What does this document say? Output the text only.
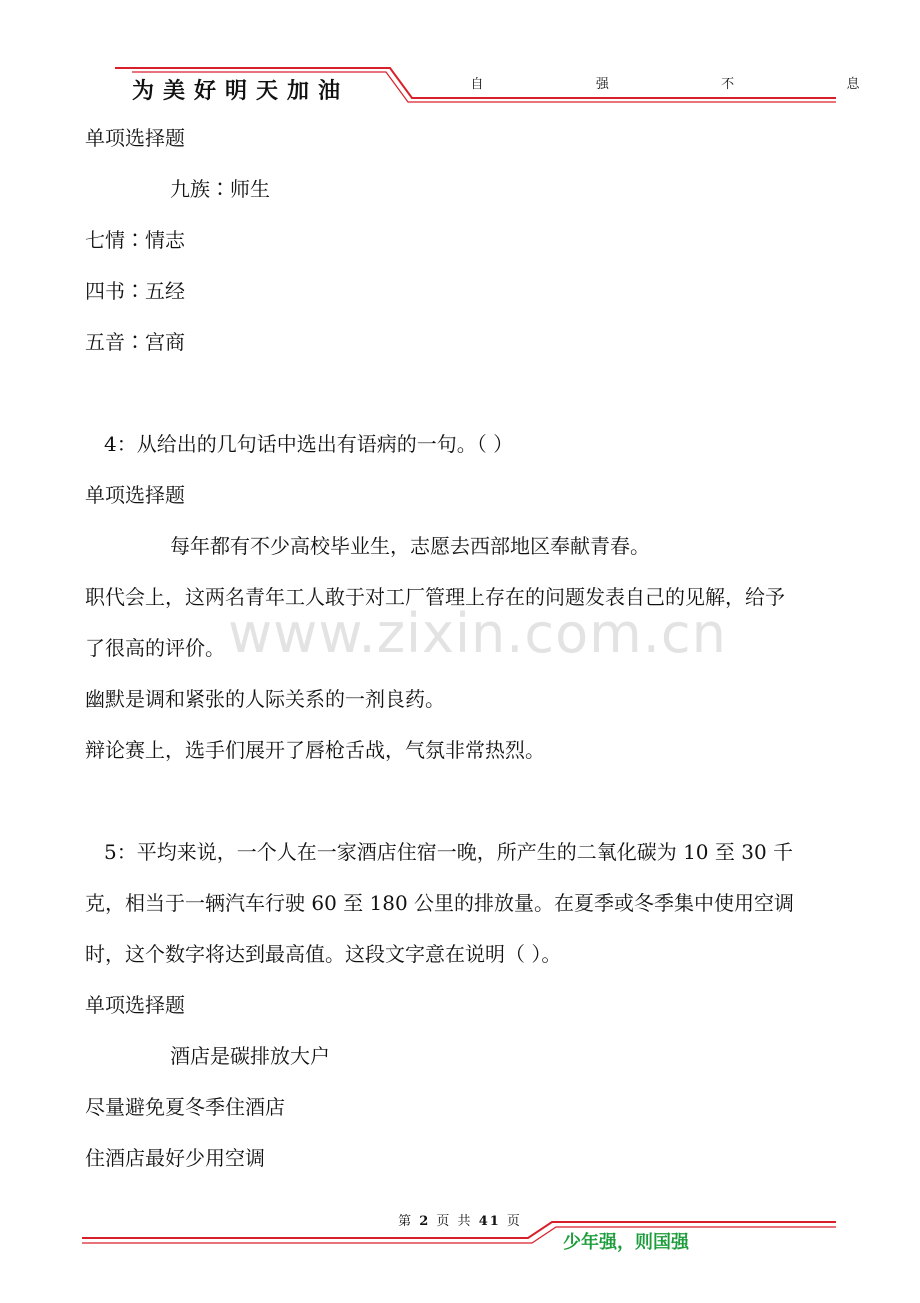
为美好明天加油	自	强	不	息
www.zixin.com.cn
单项选择题
九族∶师生
七情∶情志
四书∶五经
五音∶宫商
4：从给出的几句话中选出有语病的一句。（ ）
单项选择题
每年都有不少高校毕业生，志愿去西部地区奉献青春。
职代会上，这两名青年工人敢于对工厂管理上存在的问题发表自己的见解，给予
了很高的评价。
幽默是调和紧张的人际关系的一剂良药。
辩论赛上，选手们展开了唇枪舌战，气氛非常热烈。
5：平均来说，一个人在一家酒店住宿一晚，所产生的二氧化碳为 10 至 30 千
克，相当于一辆汽车行驶 60 至 180 公里的排放量。在夏季或冬季集中使用空调
时，这个数字将达到最高值。这段文字意在说明（ ）。
单项选择题
酒店是碳排放大户
尽量避免夏冬季住酒店
住酒店最好少用空调
第 2 页 共 41 页
少年强，则国强
